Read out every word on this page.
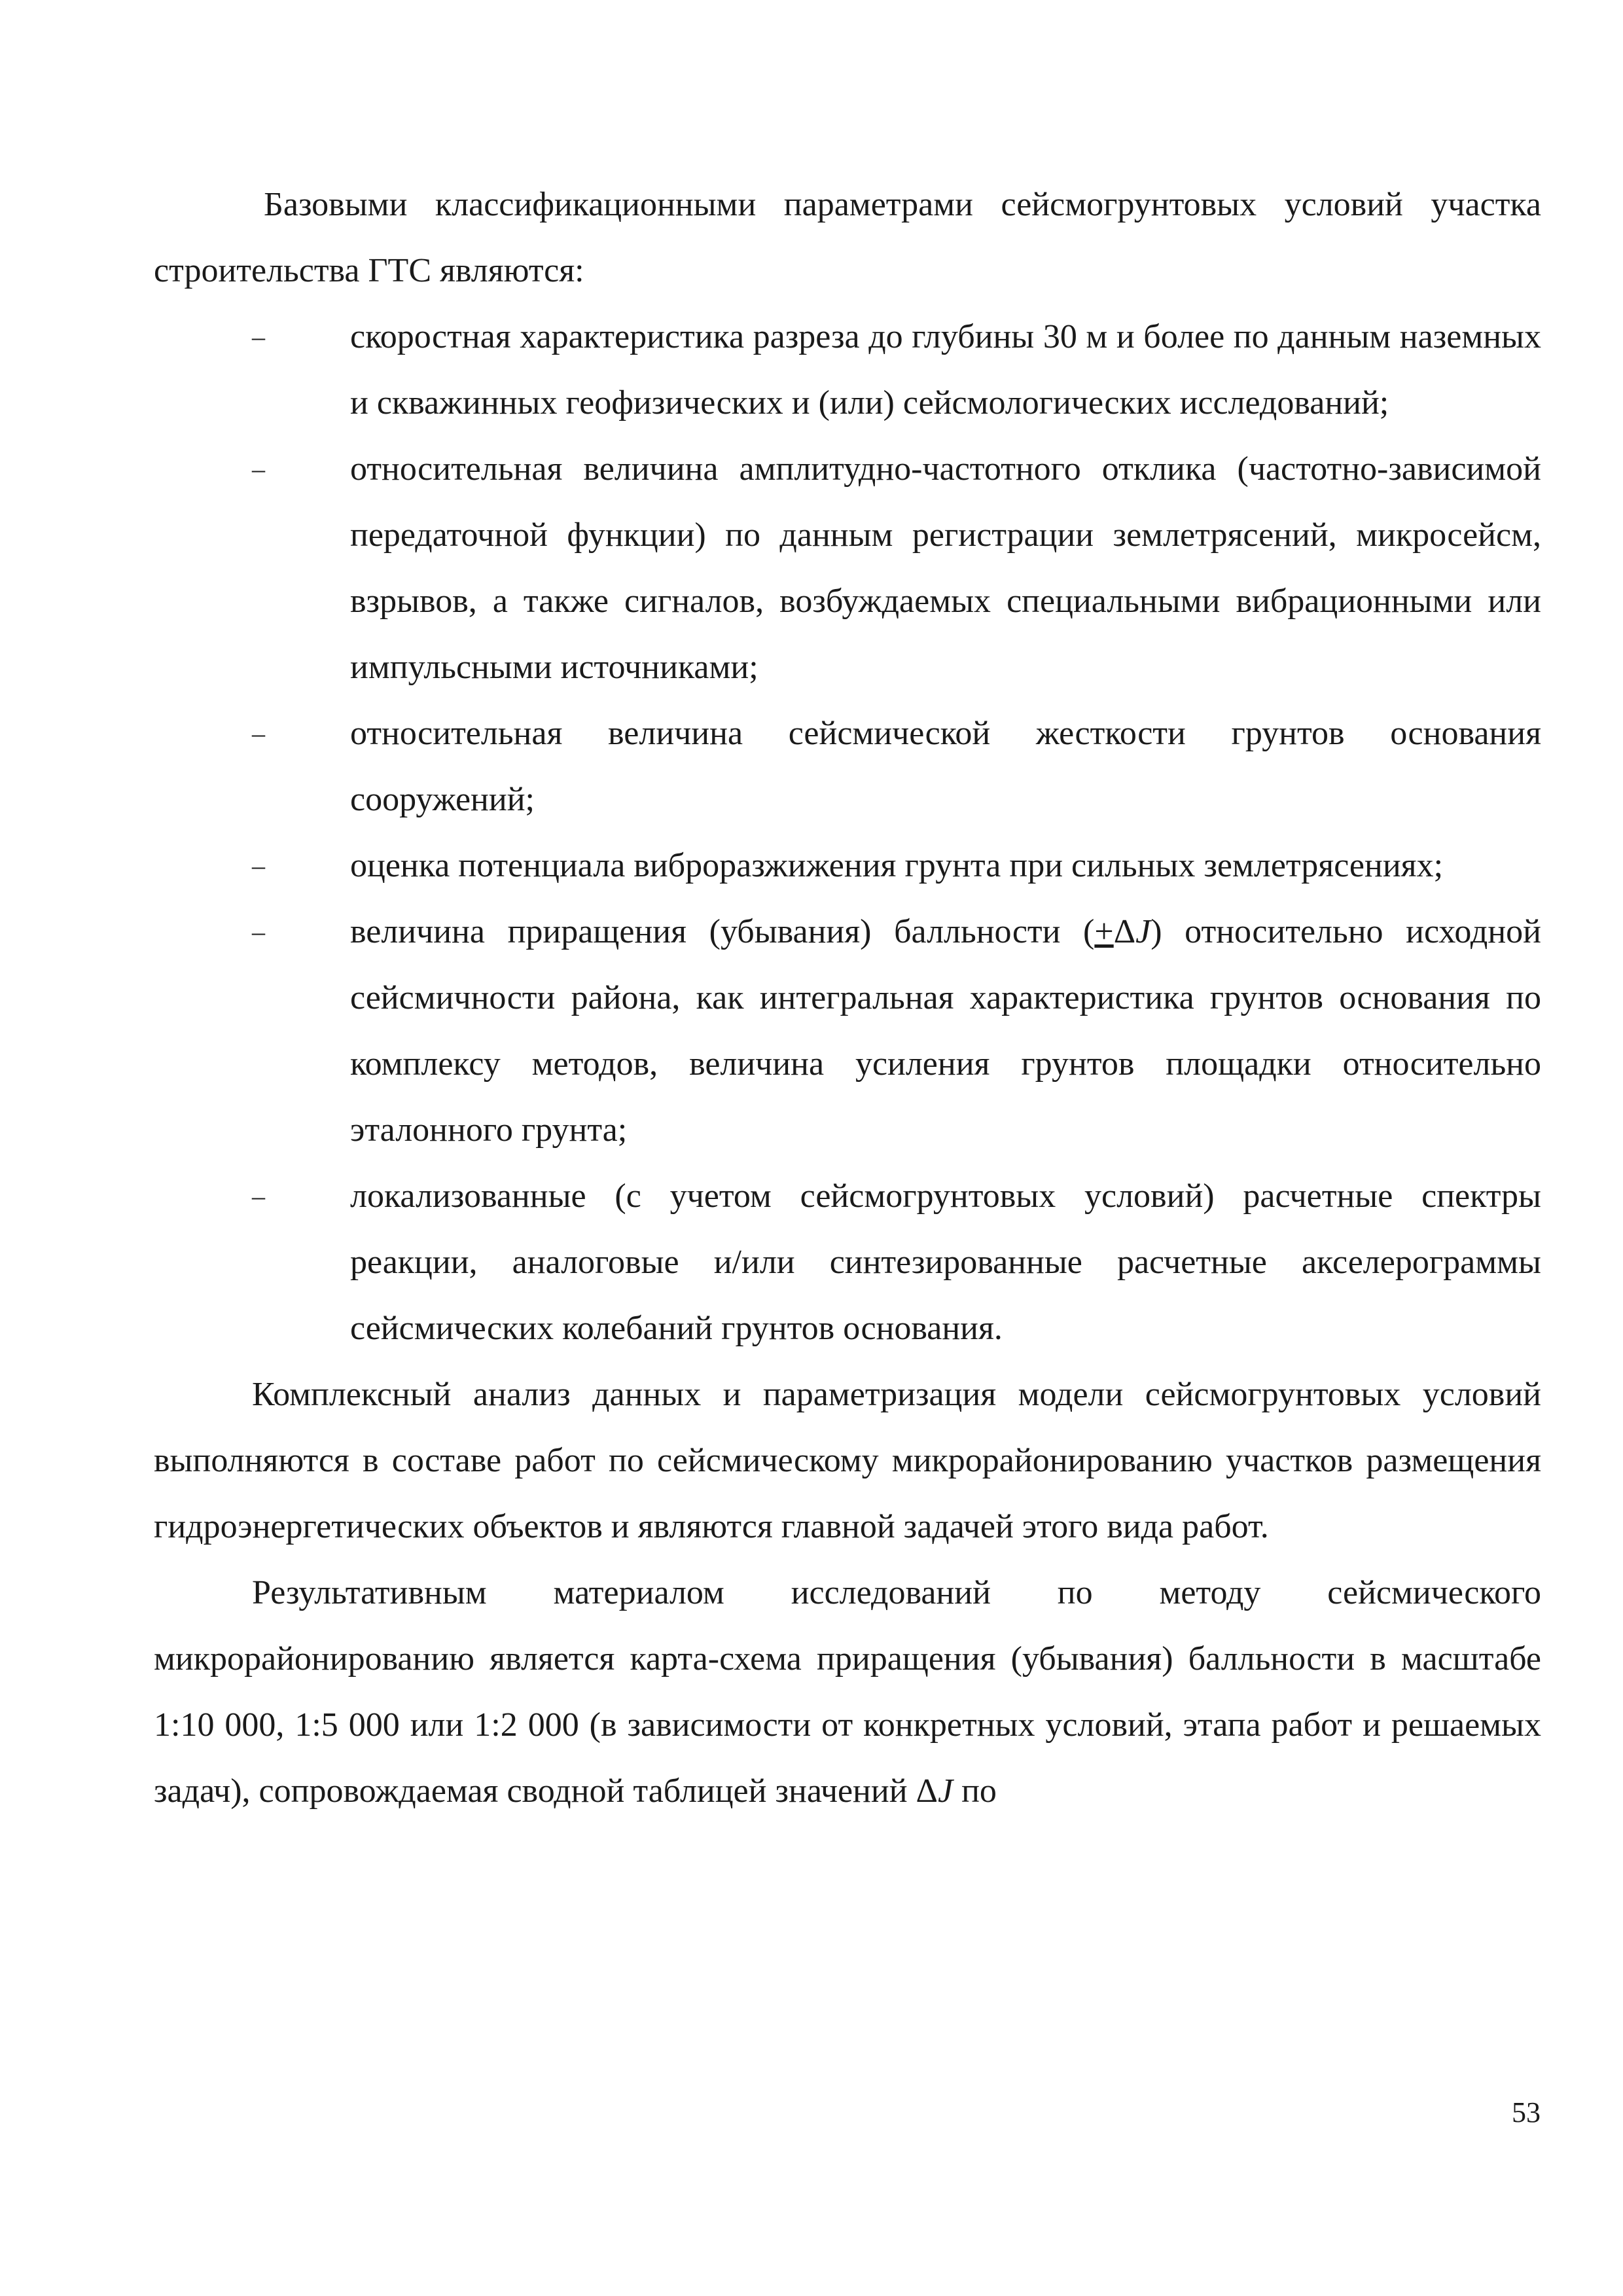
Базовыми классификационными параметрами сейсмогрунтовых условий участка строительства ГТС являются:

–	скоростная характеристика разреза до глубины 30 м и более по данным наземных и скважинных геофизических и (или) сейсмологических исследований;
–	относительная величина амплитудно-частотного отклика (частотно-зависимой передаточной функции) по данным регистрации землетрясений, микросейсм, взрывов, а также сигналов, возбуждаемых специальными вибрационными или импульсными источниками;
–	относительная величина сейсмической жесткости грунтов основания сооружений;
–	оценка потенциала виброразжижения грунта при сильных землетрясениях;
–	величина приращения (убывания) балльности (+ΔJ) относительно исходной сейсмичности района, как интегральная характеристика грунтов основания по комплексу методов, величина усиления грунтов площадки относительно эталонного грунта;
–	локализованные (с учетом сейсмогрунтовых условий) расчетные спектры реакции, аналоговые и/или синтезированные расчетные акселерограммы сейсмических колебаний грунтов основания.

Комплексный анализ данных и параметризация модели сейсмогрунтовых условий выполняются в составе работ по сейсмическому микрорайонированию участков размещения гидроэнергетических объектов и являются главной задачей этого вида работ.

Результативным материалом исследований по методу сейсмического микрорайонированию является карта-схема приращения (убывания) балльности в масштабе 1:10 000, 1:5 000 или 1:2 000 (в зависимости от конкретных условий, этапа работ и решаемых задач), сопровождаемая сводной таблицей значений ΔJ по

53
